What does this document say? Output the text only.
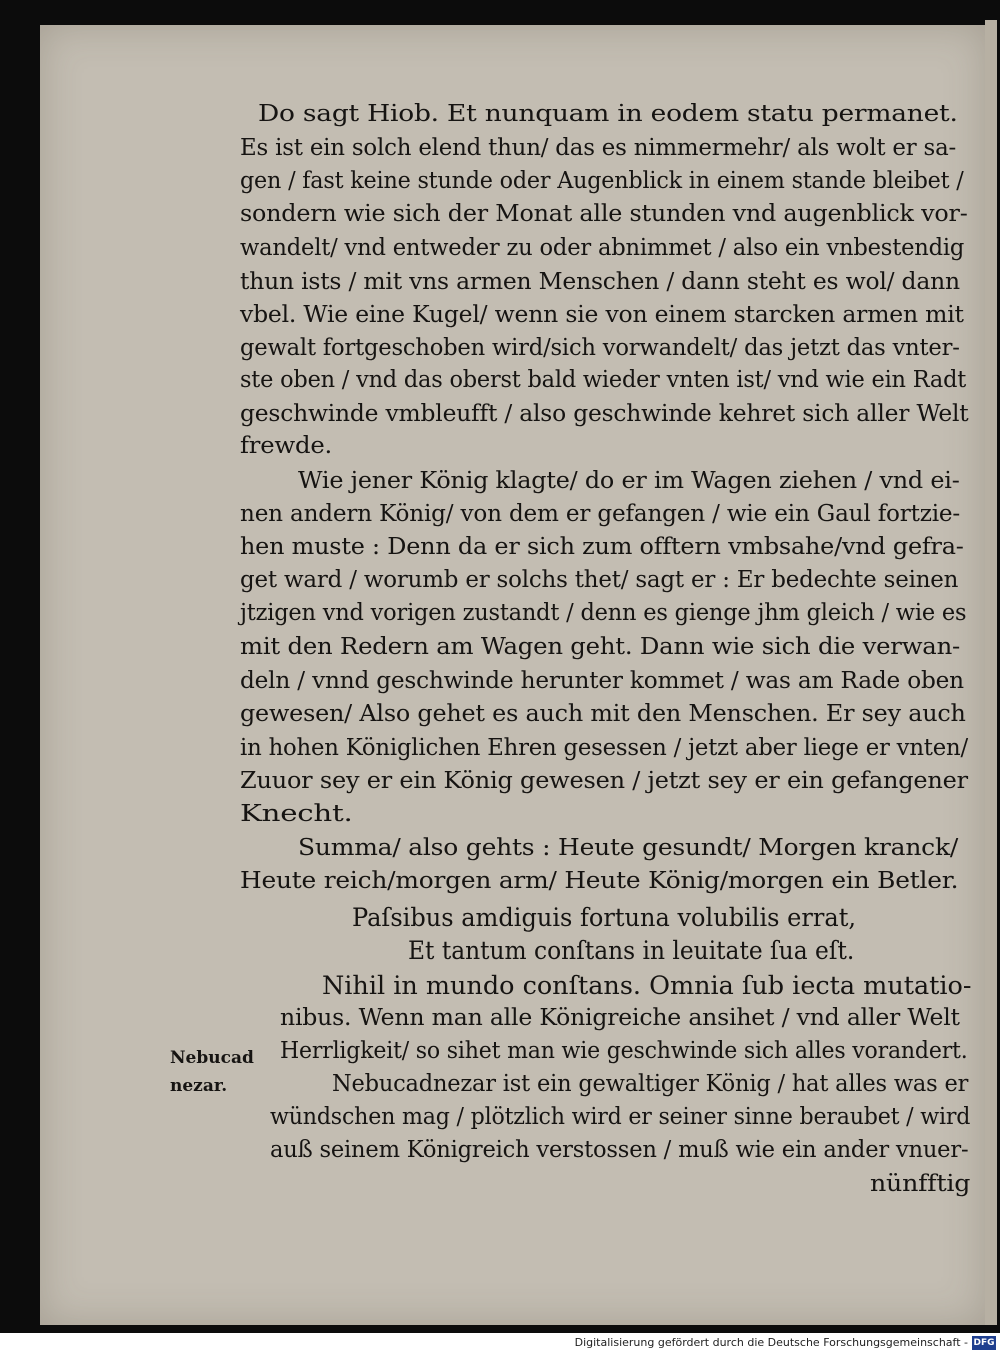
Do sagt Hiob. Et nunquam in eodem statu permanet.
Es ist ein solch elend thun/ das es nimmermehr/ als wolt er sa-
gen / fast keine stunde oder Augenblick in einem stande bleibet /
sondern wie sich der Monat alle stunden vnd augenblick vor-
wandelt/ vnd entweder zu oder abnimmet / also ein vnbestendig
thun ists / mit vns armen Menschen / dann steht es wol/ dann
vbel. Wie eine Kugel/ wenn sie von einem starcken armen mit
gewalt fortgeschoben wird/sich vorwandelt/ das jetzt das vnter-
ste oben / vnd das oberst bald wieder vnten ist/ vnd wie ein Radt
geschwinde vmbleufft / also geschwinde kehret sich aller Welt
frewde.
Wie jener König klagte/ do er im Wagen ziehen / vnd ei-
nen andern König/ von dem er gefangen / wie ein Gaul fortzie-
hen muste : Denn da er sich zum offtern vmbsahe/vnd gefra-
get ward / worumb er solchs thet/ sagt er : Er bedechte seinen
jtzigen vnd vorigen zustandt / denn es gienge jhm gleich / wie es
mit den Redern am Wagen geht. Dann wie sich die verwan-
deln / vnnd geschwinde herunter kommet / was am Rade oben
gewesen/ Also gehet es auch mit den Menschen. Er sey auch
in hohen Königlichen Ehren gesessen / jetzt aber liege er vnten/
Zuuor sey er ein König gewesen / jetzt sey er ein gefangener
Knecht.
Summa/ also gehts : Heute gesundt/ Morgen kranck/
Heute reich/morgen arm/ Heute König/morgen ein Betler.
Paſsibus amdiguis fortuna volubilis errat,
Et tantum conſtans in leuitate ſua eſt.
Nihil in mundo conſtans. Omnia ſub iecta mutatio-
nibus. Wenn man alle Königreiche ansihet / vnd aller Welt
Herrligkeit/ so sihet man wie geschwinde sich alles vorandert.
Nebucadnezar ist ein gewaltiger König / hat alles was er
wündschen mag / plötzlich wird er seiner sinne beraubet / wird
auß seinem Königreich verstossen / muß wie ein ander vnuer-
nünfftig
Nebucad
nezar.
Digitalisierung gefördert durch die Deutsche Forschungsgemeinschaft - DFG
